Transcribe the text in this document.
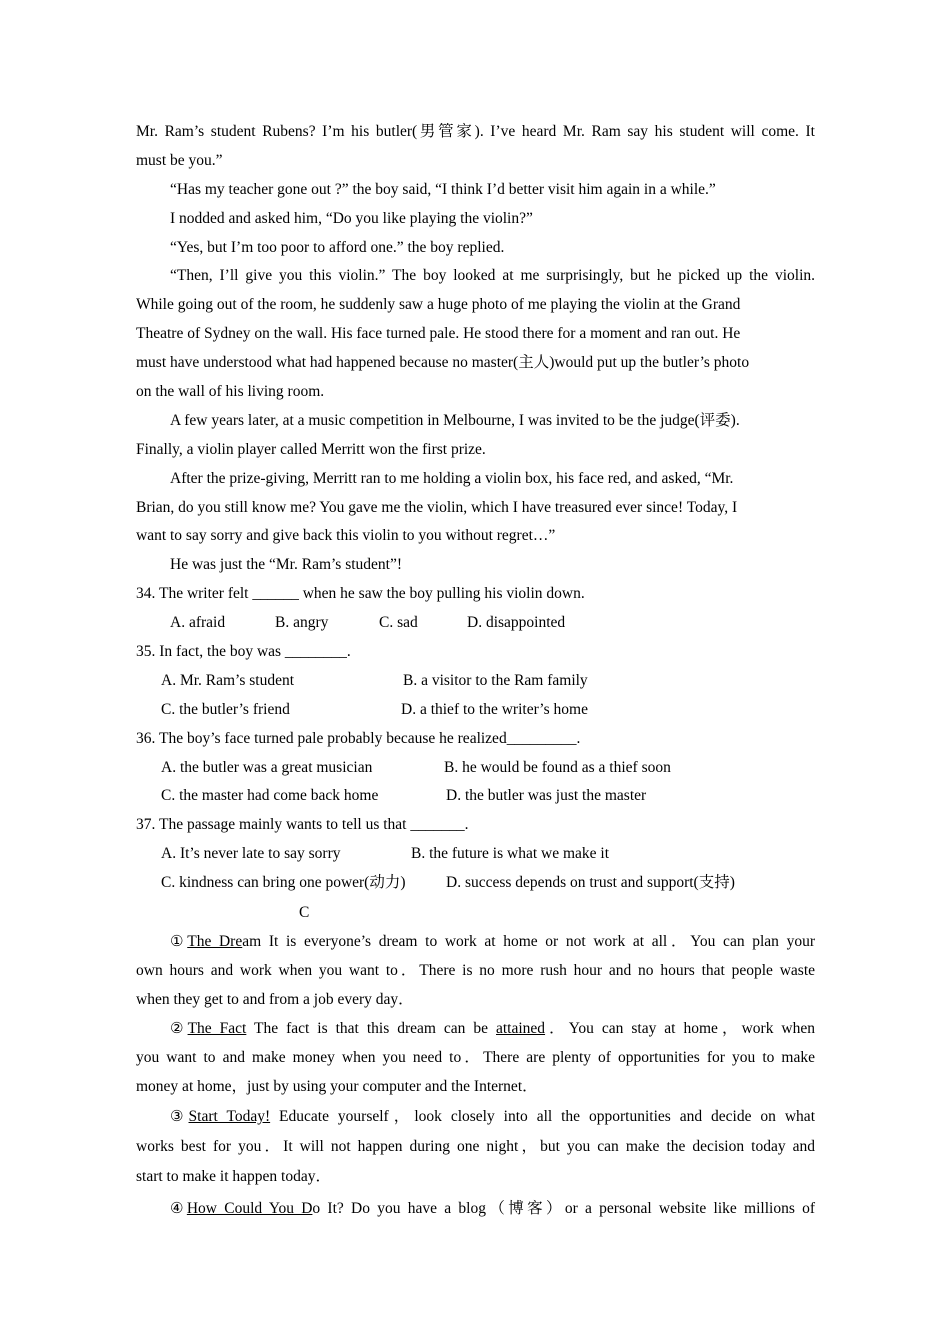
Mr. Ram’s student Rubens? I’m his butler(男管家). I’ve heard Mr. Ram say his student will come. It
must be you.”
“Has my teacher gone out ?” the boy said, “I think I’d better visit him again in a while.”
I nodded and asked him, “Do you like playing the violin?”
“Yes, but I’m too poor to afford one.” the boy replied.
“Then, I’ll give you this violin.” The boy looked at me surprisingly, but he picked up the violin.
While going out of the room, he suddenly saw a huge photo of me playing the violin at the Grand
Theatre of Sydney on the wall. His face turned pale. He stood there for a moment and ran out. He
must have understood what had happened because no master(主人)would put up the butler’s photo
on the wall of his living room.
A few years later, at a music competition in Melbourne, I was invited to be the judge(评委).
Finally, a violin player called Merritt won the first prize.
After the prize-giving, Merritt ran to me holding a violin box, his face red, and asked, “Mr.
Brian, do you still know me? You gave me the violin, which I have treasured ever since! Today, I
want to say sorry and give back this violin to you without regret…”
He was just the “Mr. Ram’s student”!
34. The writer felt ______ when he saw the boy pulling his violin down.
A. afraid	B. angry	C. sad	D. disappointed
35. In fact, the boy was ________.
A. Mr. Ram’s student	B. a visitor to the Ram family
C. the butler’s friend	D. a thief to the writer’s home
36. The boy’s face turned pale probably because he realized_________.
A. the butler was a great musician	B. he would be found as a thief soon
C. the master had come back home	D. the butler was just the master
37. The passage mainly wants to tell us that _______.
A. It’s never late to say sorry	B. the future is what we make it
C. kindness can bring one power(动力)	D. success depends on trust and support(支持)
C
①The Dream It is everyone’s dream to work at home or not work at all．You can plan your
own hours and work when you want to．There is no more rush hour and no hours that people waste
when they get to and from a job every day．
②The Fact The fact is that this dream can be attained．You can stay at home，work when
you want to and make money when you need to．There are plenty of opportunities for you to make
money at home，just by using your computer and the Internet．
③Start Today! Educate yourself，look closely into all the opportunities and decide on what
works best for you．It will not happen during one night，but you can make the decision today and
start to make it happen today．
④How Could You Do It? Do you have a blog（博客）or a personal website like millions of
